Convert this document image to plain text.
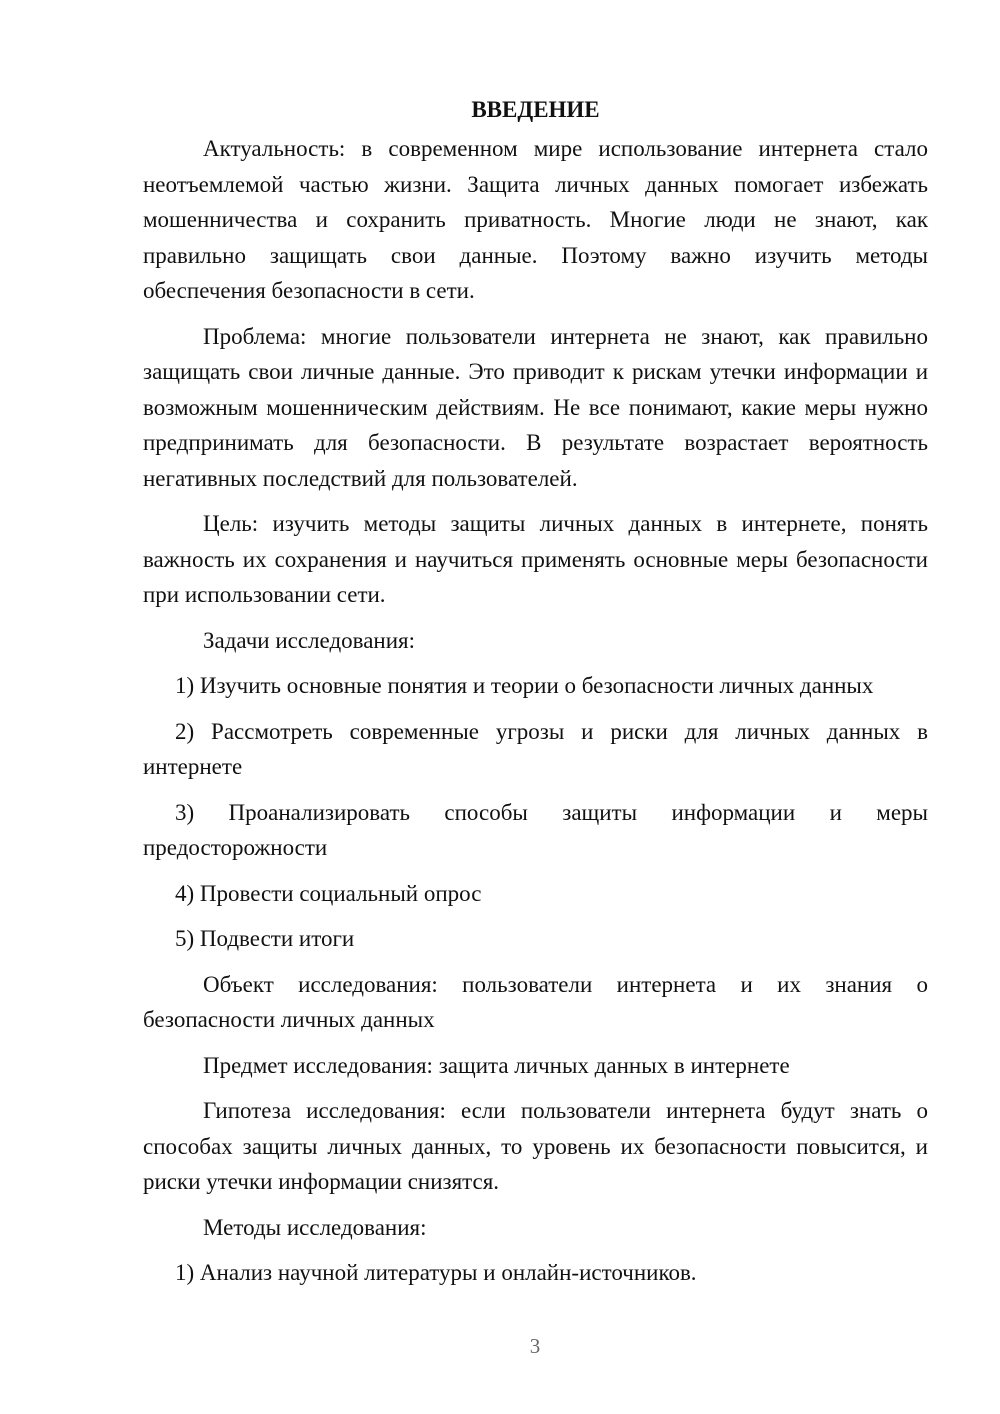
ВВЕДЕНИЕ

Актуальность: в современном мире использование интернета стало неотъемлемой частью жизни. Защита личных данных помогает избежать мошенничества и сохранить приватность. Многие люди не знают, как правильно защищать свои данные. Поэтому важно изучить методы обеспечения безопасности в сети.

Проблема: многие пользователи интернета не знают, как правильно защищать свои личные данные. Это приводит к рискам утечки информации и возможным мошенническим действиям. Не все понимают, какие меры нужно предпринимать для безопасности. В результате возрастает вероятность негативных последствий для пользователей.

Цель: изучить методы защиты личных данных в интернете, понять важность их сохранения и научиться применять основные меры безопасности при использовании сети.

Задачи исследования:

1) Изучить основные понятия и теории о безопасности личных данных

2) Рассмотреть современные угрозы и риски для личных данных в интернете

3) Проанализировать способы защиты информации и меры предосторожности

4) Провести социальный опрос

5) Подвести итоги

Объект исследования: пользователи интернета и их знания о безопасности личных данных

Предмет исследования: защита личных данных в интернете

Гипотеза исследования: если пользователи интернета будут знать о способах защиты личных данных, то уровень их безопасности повысится, и риски утечки информации снизятся.

Методы исследования:

1) Анализ научной литературы и онлайн-источников.

3
